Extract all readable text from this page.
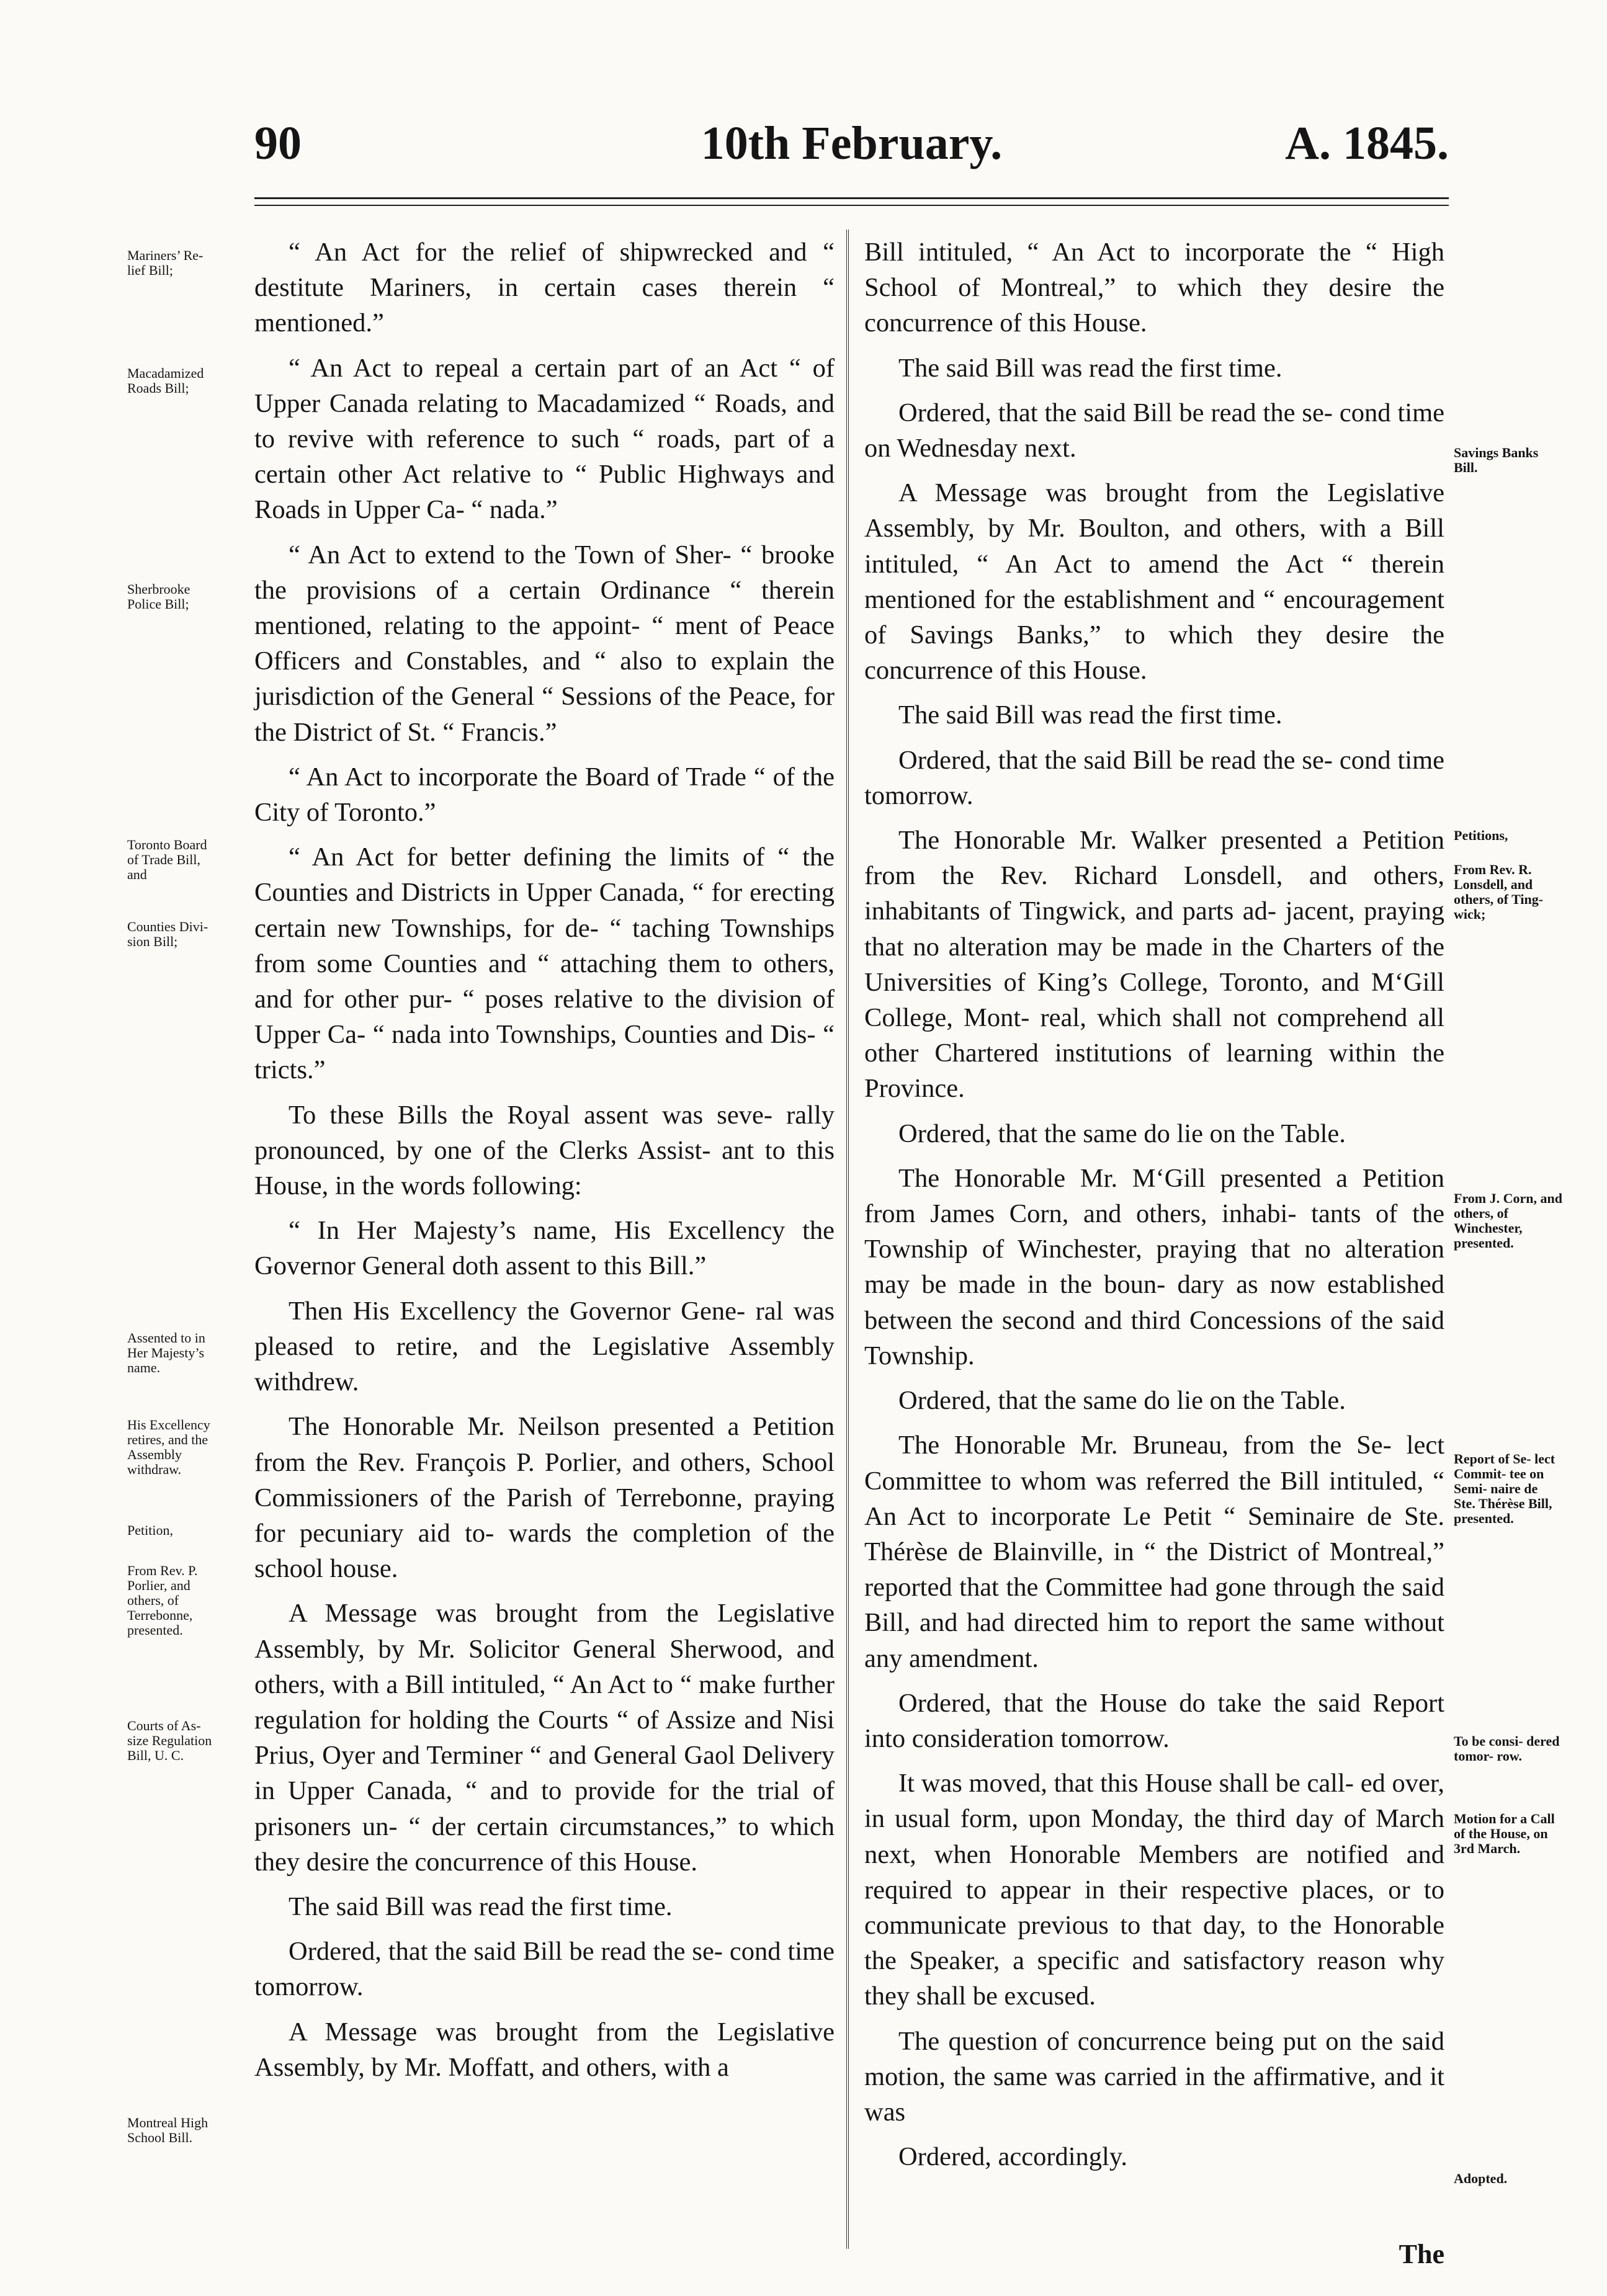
90	10th February.	A. 1845.

“ An Act for the relief of shipwrecked and “ destitute Mariners, in certain cases therein “ mentioned.”

“ An Act to repeal a certain part of an Act “ of Upper Canada relating to Macadamized “ Roads, and to revive with reference to such “ roads, part of a certain other Act relative to “ Public Highways and Roads in Upper Ca- “ nada.”

“ An Act to extend to the Town of Sher- “ brooke the provisions of a certain Ordinance “ therein mentioned, relating to the appoint- “ ment of Peace Officers and Constables, and “ also to explain the jurisdiction of the General “ Sessions of the Peace, for the District of St. “ Francis.”

“ An Act to incorporate the Board of Trade “ of the City of Toronto.”

“ An Act for better defining the limits of “ the Counties and Districts in Upper Canada, “ for erecting certain new Townships, for de- “ taching Townships from some Counties and “ attaching them to others, and for other pur- “ poses relative to the division of Upper Ca- “ nada into Townships, Counties and Dis- “ tricts.”

To these Bills the Royal assent was seve- rally pronounced, by one of the Clerks Assist- ant to this House, in the words following:

“ In Her Majesty’s name, His Excellency the Governor General doth assent to this Bill.”

Then His Excellency the Governor Gene- ral was pleased to retire, and the Legislative Assembly withdrew.

The Honorable Mr. Neilson presented a Petition from the Rev. François P. Porlier, and others, School Commissioners of the Parish of Terrebonne, praying for pecuniary aid to- wards the completion of the school house.

A Message was brought from the Legislative Assembly, by Mr. Solicitor General Sherwood, and others, with a Bill intituled, “ An Act to “ make further regulation for holding the Courts “ of Assize and Nisi Prius, Oyer and Terminer “ and General Gaol Delivery in Upper Canada, “ and to provide for the trial of prisoners un- “ der certain circumstances,” to which they desire the concurrence of this House.

The said Bill was read the first time.

Ordered, that the said Bill be read the se- cond time tomorrow.

A Message was brought from the Legislative Assembly, by Mr. Moffatt, and others, with a

Bill intituled, “ An Act to incorporate the “ High School of Montreal,” to which they desire the concurrence of this House.

The said Bill was read the first time.

Ordered, that the said Bill be read the se- cond time on Wednesday next.

A Message was brought from the Legislative Assembly, by Mr. Boulton, and others, with a Bill intituled, “ An Act to amend the Act “ therein mentioned for the establishment and “ encouragement of Savings Banks,” to which they desire the concurrence of this House.

The said Bill was read the first time.

Ordered, that the said Bill be read the se- cond time tomorrow.

The Honorable Mr. Walker presented a Petition from the Rev. Richard Lonsdell, and others, inhabitants of Tingwick, and parts ad- jacent, praying that no alteration may be made in the Charters of the Universities of King’s College, Toronto, and M‘Gill College, Mont- real, which shall not comprehend all other Chartered institutions of learning within the Province.

Ordered, that the same do lie on the Table.

The Honorable Mr. M‘Gill presented a Petition from James Corn, and others, inhabi- tants of the Township of Winchester, praying that no alteration may be made in the boun- dary as now established between the second and third Concessions of the said Township.

Ordered, that the same do lie on the Table.

The Honorable Mr. Bruneau, from the Se- lect Committee to whom was referred the Bill intituled, “ An Act to incorporate Le Petit “ Seminaire de Ste. Thérèse de Blainville, in “ the District of Montreal,” reported that the Committee had gone through the said Bill, and had directed him to report the same without any amendment.

Ordered, that the House do take the said Report into consideration tomorrow.

It was moved, that this House shall be call- ed over, in usual form, upon Monday, the third day of March next, when Honorable Members are notified and required to appear in their respective places, or to communicate previous to that day, to the Honorable the Speaker, a specific and satisfactory reason why they shall be excused.

The question of concurrence being put on the said motion, the same was carried in the affirmative, and it was

Ordered, accordingly.

Mariners’ Re- lief Bill;
Macadamized Roads Bill;
Sherbrooke Police Bill;
Toronto Board of Trade Bill, and
Counties Divi- sion Bill;
Assented to in Her Majesty’s name.
His Excellency retires, and the Assembly withdraw.
Petition,
From Rev. P. Porlier, and others, of Terrebonne, presented.
Courts of As- size Regulation Bill, U. C.
Montreal High School Bill.
Savings Banks Bill.
Petitions,
From Rev. R. Lonsdell, and others, of Ting- wick;
From J. Corn, and others, of Winchester, presented.
Report of Se- lect Commit- tee on Semi- naire de Ste. Thérèse Bill, presented.
To be consi- dered tomor- row.
Motion for a Call of the House, on 3rd March.
Adopted.
The
